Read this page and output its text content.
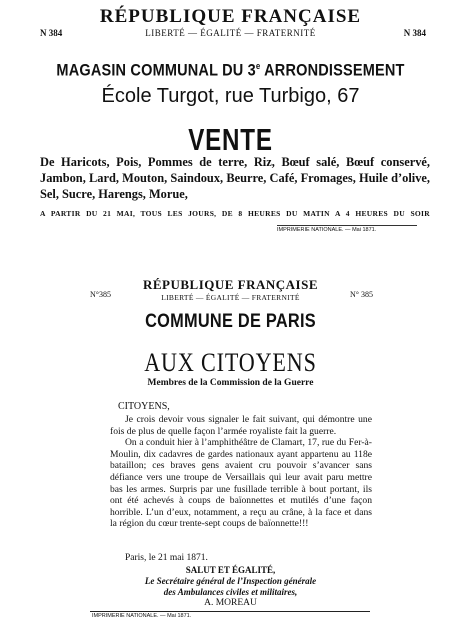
RÉPUBLIQUE FRANÇAISE
N 384	LIBERTÉ — ÉGALITÉ — FRATERNITÉ	N 384
MAGASIN COMMUNAL DU 3e ARRONDISSEMENT
École Turgot, rue Turbigo, 67
VENTE
De Haricots, Pois, Pommes de terre, Riz, Bœuf salé, Bœuf conservé, Jambon, Lard, Mouton, Saindoux, Beurre, Café, Fromages, Huile d’olive, Sel, Sucre, Harengs, Morue,
A PARTIR DU 21 MAI, TOUS LES JOURS, DE 8 HEURES DU MATIN A 4 HEURES DU SOIR
IMPRIMERIE NATIONALE. — Mai 1871.
RÉPUBLIQUE FRANÇAISE
N°385	LIBERTÉ — ÉGALITÉ — FRATERNITÉ	N° 385
COMMUNE DE PARIS
AUX CITOYENS
Membres de la Commission de la Guerre
CITOYENS,

Je crois devoir vous signaler le fait suivant, qui démontre une fois de plus de quelle façon l’armée royaliste fait la guerre.

On a conduit hier à l’amphithéâtre de Clamart, 17, rue du Fer-à-Moulin, dix cadavres de gardes nationaux ayant appartenu au 118e bataillon; ces braves gens avaient cru pouvoir s’avancer sans défiance vers une troupe de Versaillais qui leur avait paru mettre bas les armes. Surpris par une fusillade terrible à bout portant, ils ont été achevés à coups de baïonnettes et mutilés d’une façon horrible. L’un d’eux, notamment, a reçu au crâne, à la face et dans la région du cœur trente-sept coups de baïonnette!!!

Paris, le 21 mai 1871.
SALUT ET ÉGALITÉ,
Le Secrétaire général de l’Inspection générale
des Ambulances civiles et militaires,
A. MOREAU
IMPRIMERIE NATIONALE. — Mai 1871.
